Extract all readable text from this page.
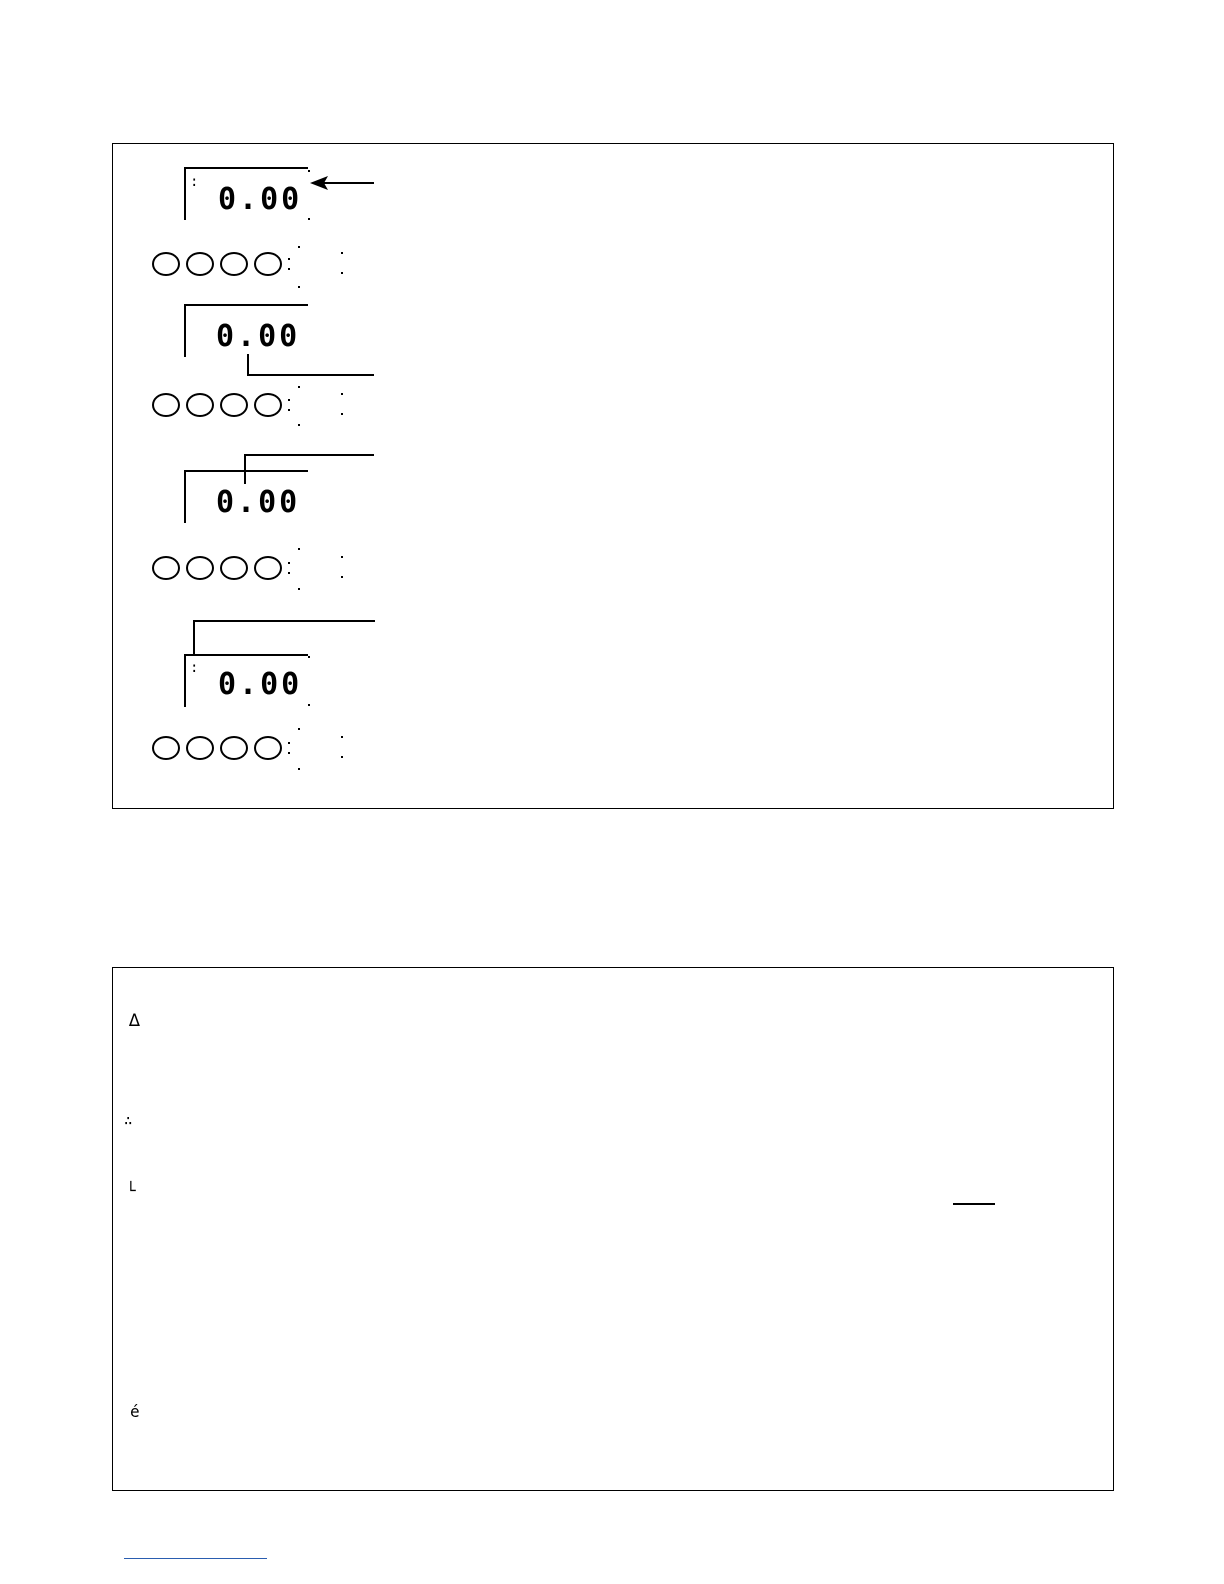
: 0.00
0.00
0.00
: 0.00
∆
∴
└
é
